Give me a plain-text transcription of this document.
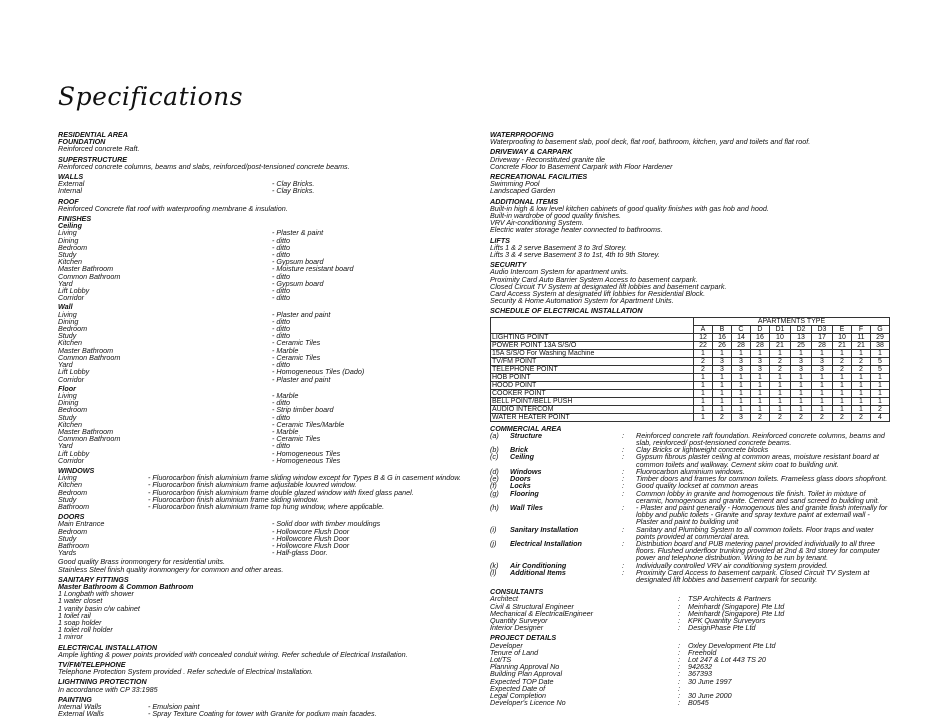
Specifications
RESIDENTIAL AREA
FOUNDATION
Reinforced concrete Raft.
SUPERSTRUCTURE
Reinforced concrete columns, beams and slabs, reinforced/post-tensioned concrete beams.
WALLS
External	- Clay Bricks.
Internal	- Clay Bricks.
ROOF
Reinforced Concrete flat roof with waterproofing membrane & insulation.
FINISHES
Ceiling
Living	- Plaster & paint
Dining	- ditto
Bedroom	- ditto
Study	- ditto
Kitchen	- Gypsum board
Master Bathroom	- Moisture resistant board
Common Bathroom	- ditto
Yard	- Gypsum board
Lift Lobby	- ditto
Corridor	- ditto
Wall
Living	- Plaster and paint
Dining	- ditto
Bedroom	- ditto
Study	- ditto
Kitchen	- Ceramic Tiles
Master Bathroom	- Marble
Common Bathroom	- Ceramic Tiles
Yard	- ditto
Lift Lobby	- Homogeneous Tiles (Dado)
Corridor	- Plaster and paint
Floor
Living	- Marble
Dining	- ditto
Bedroom	- Strip timber board
Study	- ditto
Kitchen	- Ceramic Tiles/Marble
Master Bathroom	- Marble
Common Bathroom	- Ceramic Tiles
Yard	- ditto
Lift Lobby	- Homogeneous Tiles
Corridor	- Homogeneous Tiles
WINDOWS
Living	- Fluorocarbon finish aluminium frame sliding window except for Types B & G in casement window.
Kitchen	- Fluorocarbon finish aluminium frame adjustable louvred window.
Bedroom	- Fluorocarbon finish aluminium frame double glazed window with fixed glass panel.
Study	- Fluorocarbon finish aluminium frame sliding window.
Bathroom	- Fluorocarbon finish aluminium frame top hung window, where applicable.
DOORS
Main Entrance	- Solid door with timber mouldings
Bedroom	- Hollowcore Flush Door
Study	- Hollowcore Flush Door
Bathroom	- Hollowcore Flush Door
Yards	- Half-glass Door.
Good quality Brass ironmongery for residential units.
Stainless Steel finish quality ironmongery for common and other areas.
SANITARY FITTINGS
Master Bathroom & Common Bathroom
1 Longbath with shower
1 water closet
1 vanity basin c/w cabinet
1 toilet rail
1 soap holder
1 toilet roll holder
1 mirror
ELECTRICAL INSTALLATION
Ample lighting & power points provided with concealed conduit wiring. Refer schedule of Electrical Installation.
TV/FM/TELEPHONE
Telephone Protection System provided . Refer schedule of Electrical Installation.
LIGHTNING PROTECTION
In accordance with CP 33:1985
PAINTING
Internal Walls	- Emulsion paint
External Walls	- Spray Texture Coating for tower with Granite for podium main facades.
WATERPROOFING
Waterproofing to basement slab, pool deck, flat roof, bathroom, kitchen, yard and toilets and flat roof.
DRIVEWAY & CARPARK
Driveway - Reconstituted granite tile
Concrete Floor to Basement Carpark with Floor Hardener
RECREATIONAL FACILITIES
Swimming Pool
Landscaped Garden
ADDITIONAL ITEMS
Built-in high & low level kitchen cabinets of good quality finishes with gas hob and hood.
Built-in wardrobe of good quality finishes.
VRV Air-conditioning System.
Electric water storage heater connected to bathrooms.
LIFTS
Lifts 1 & 2 serve Basement 3 to 3rd Storey.
Lifts 3 & 4 serve Basement 3 to 1st, 4th to 9th Storey.
SECURITY
Audio Intercom System for apartment units.
Proximity Card Auto Barrier System Access to basement carpark.
Closed Circuit TV System at designated lift lobbies and basement carpark.
Card Access System at designated lift lobbies for Residential Block.
Security & Home Automation System for Apartment Units.
SCHEDULE OF ELECTRICAL INSTALLATION
	APARTMENTS TYPE									
	A	B	C	D	D1	D2	D3	E	F	G
LIGHTING POINT	12	16	14	16	10	13	17	10	11	29
POWER POINT 13A S/S/O	22	26	28	28	21	25	28	21	21	38
15A S/S/O For Washing Machine	1	1	1	1	1	1	1	1	1	1
TV/FM POINT	2	3	3	3	2	3	3	2	2	5
TELEPHONE POINT	2	3	3	3	2	3	3	2	2	5
HOB POINT	1	1	1	1	1	1	1	1	1	1
HOOD POINT	1	1	1	1	1	1	1	1	1	1
COOKER POINT	1	1	1	1	1	1	1	1	1	1
BELL POINT/BELL PUSH	1	1	1	1	1	1	1	1	1	1
AUDIO INTERCOM	1	1	1	1	1	1	1	1	1	2
WATER HEATER POINT	1	2	3	2	2	2	2	2	2	4
COMMERCIAL AREA
(a)	Structure	:	Reinforced concrete raft foundation. Reinforced concrete columns, beams and slab, reinforced/ post-tensioned concrete beams.
(b)	Brick	:	Clay Bricks or lightweight concrete blocks
(c)	Ceiling	:	Gypsum fibrous plaster ceiling at common areas, moisture resistant board at common toilets and walkway. Cement skim coat to building unit.
(d)	Windows	:	Fluorocarbon aluminium windows.
(e)	Doors	:	Timber doors and frames for common toilets. Frameless glass doors shopfront.
(f)	Locks	:	Good quality lockset at common areas
(g)	Flooring	:	Common lobby in granite and homogenous tile finish. Toilet in mixture of ceramic, homogenous and granite. Cement and sand screed to building unit.
(h)	Wall Tiles	:	- Plaster and paint generally - Homogenous tiles and granite finish internally for lobby and public toilets - Granite and spray texture paint at externall wall - Plaster and paint to building unit
(i)	Sanitary Installation	:	Sanitary and Plumbing System to all common toilets. Floor traps and water points provided at commercial area.
(j)	Electrical Installation	:	Distribution board and PUB metering panel provided individually to all three floors. Flushed underfloor trunking provided at 2nd & 3rd storey for computer power and telephone distribution. Wiring to be run by tenant.
(k)	Air Conditioning	:	Individually controlled VRV air conditioning system provided.
(l)	Additional Items	:	Proximity Card Access to basement carpark. Closed Circuit TV System at designated lift lobbies and basement carpark for security.
CONSULTANTS
Architect	:	TSP Architects & Partners
Civil & Structural Engineer	:	Meinhardt (Singapore) Pte Ltd
Mechanical & ElectricalEngineer	:	Meinhardt (Singapore) Pte Ltd
Quantity Surveyor	:	KPK Quantity Surveyors
Interior Designer	:	DesignPhase Pte Ltd
PROJECT DETAILS
Developer	:	Oxley Development Pte Ltd
Tenure of Land	:	Freehold
Lot/TS	:	Lot 247 & Lot 443 TS 20
Planning Approval No	:	942632
Building Plan Approval	:	367393
Expected TOP Date	:	30 June 1997
Expected Date of	:
Legal Completion	:	30 June 2000
Developer's Licence No	:	B0545
